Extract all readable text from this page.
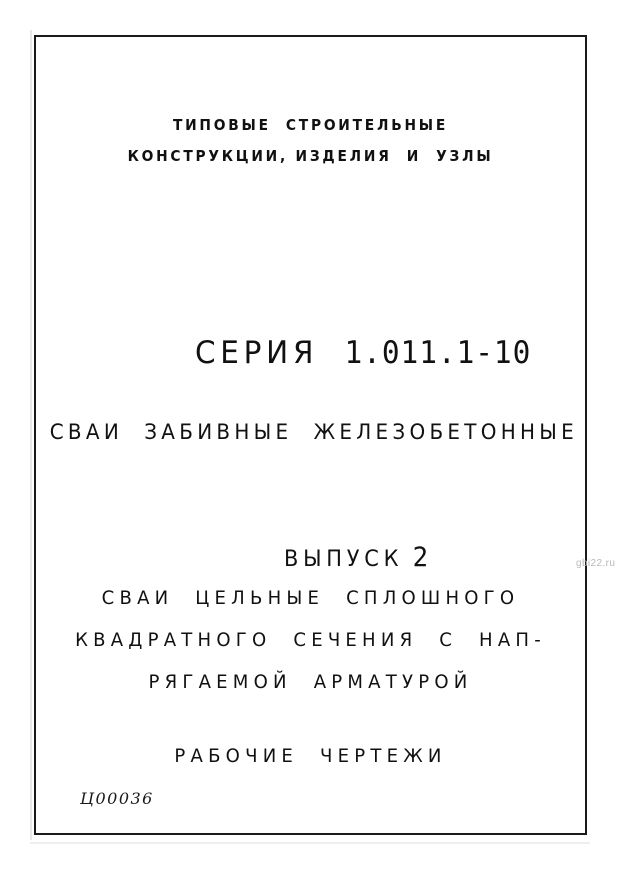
ТИПОВЫЕ  СТРОИТЕЛЬНЫЕ
КОНСТРУКЦИИ, ИЗДЕЛИЯ  И  УЗЛЫ

СЕРИЯ 1.011.1-10

СВАИ  ЗАБИВНЫЕ  ЖЕЛЕЗОБЕТОННЫЕ

ВЫПУСК 2

СВАИ  ЦЕЛЬНЫЕ  СПЛОШНОГО
КВАДРАТНОГО  СЕЧЕНИЯ  С  НАП-
РЯГАЕМОЙ  АРМАТУРОЙ
РАБОЧИЕ  ЧЕРТЕЖИ
Ц00036
gbi22.ru
